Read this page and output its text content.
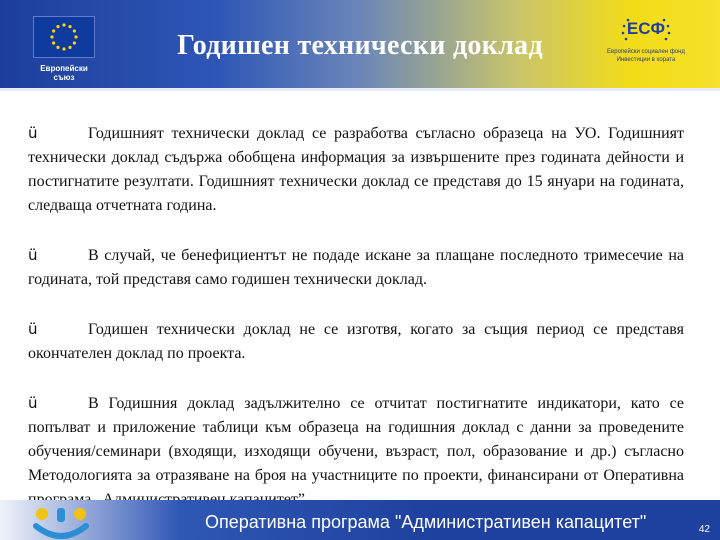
Европейски съюз
Годишен технически доклад
ЕСФ
Европейски социален фонд Инвестиции в хората

ü	Годишният технически доклад се разработва съгласно образеца на УО. Годишният технически доклад съдържа обобщена информация за извършените през годината дейности и постигнатите резултати. Годишният технически доклад се представя до 15 януари на годината, следваща отчетната година.

ü	В случай, че бенефициентът не подаде искане за плащане последното тримесечие на годината, той представя само годишен технически доклад.

ü	Годишен технически доклад не се изготвя, когато за същия период се представя окончателен доклад по проекта.

ü	В Годишния доклад задължително се отчитат постигнатите индикатори, като се попълват и приложение таблици към образеца на годишния доклад с данни за проведените обучения/семинари (входящи, изходящи обучени, възраст, пол, образование и др.) съгласно Методологията за отразяване на броя на участниците по проекти, финансирани от Оперативна

Оперативна програма "Административен капацитет"	42
